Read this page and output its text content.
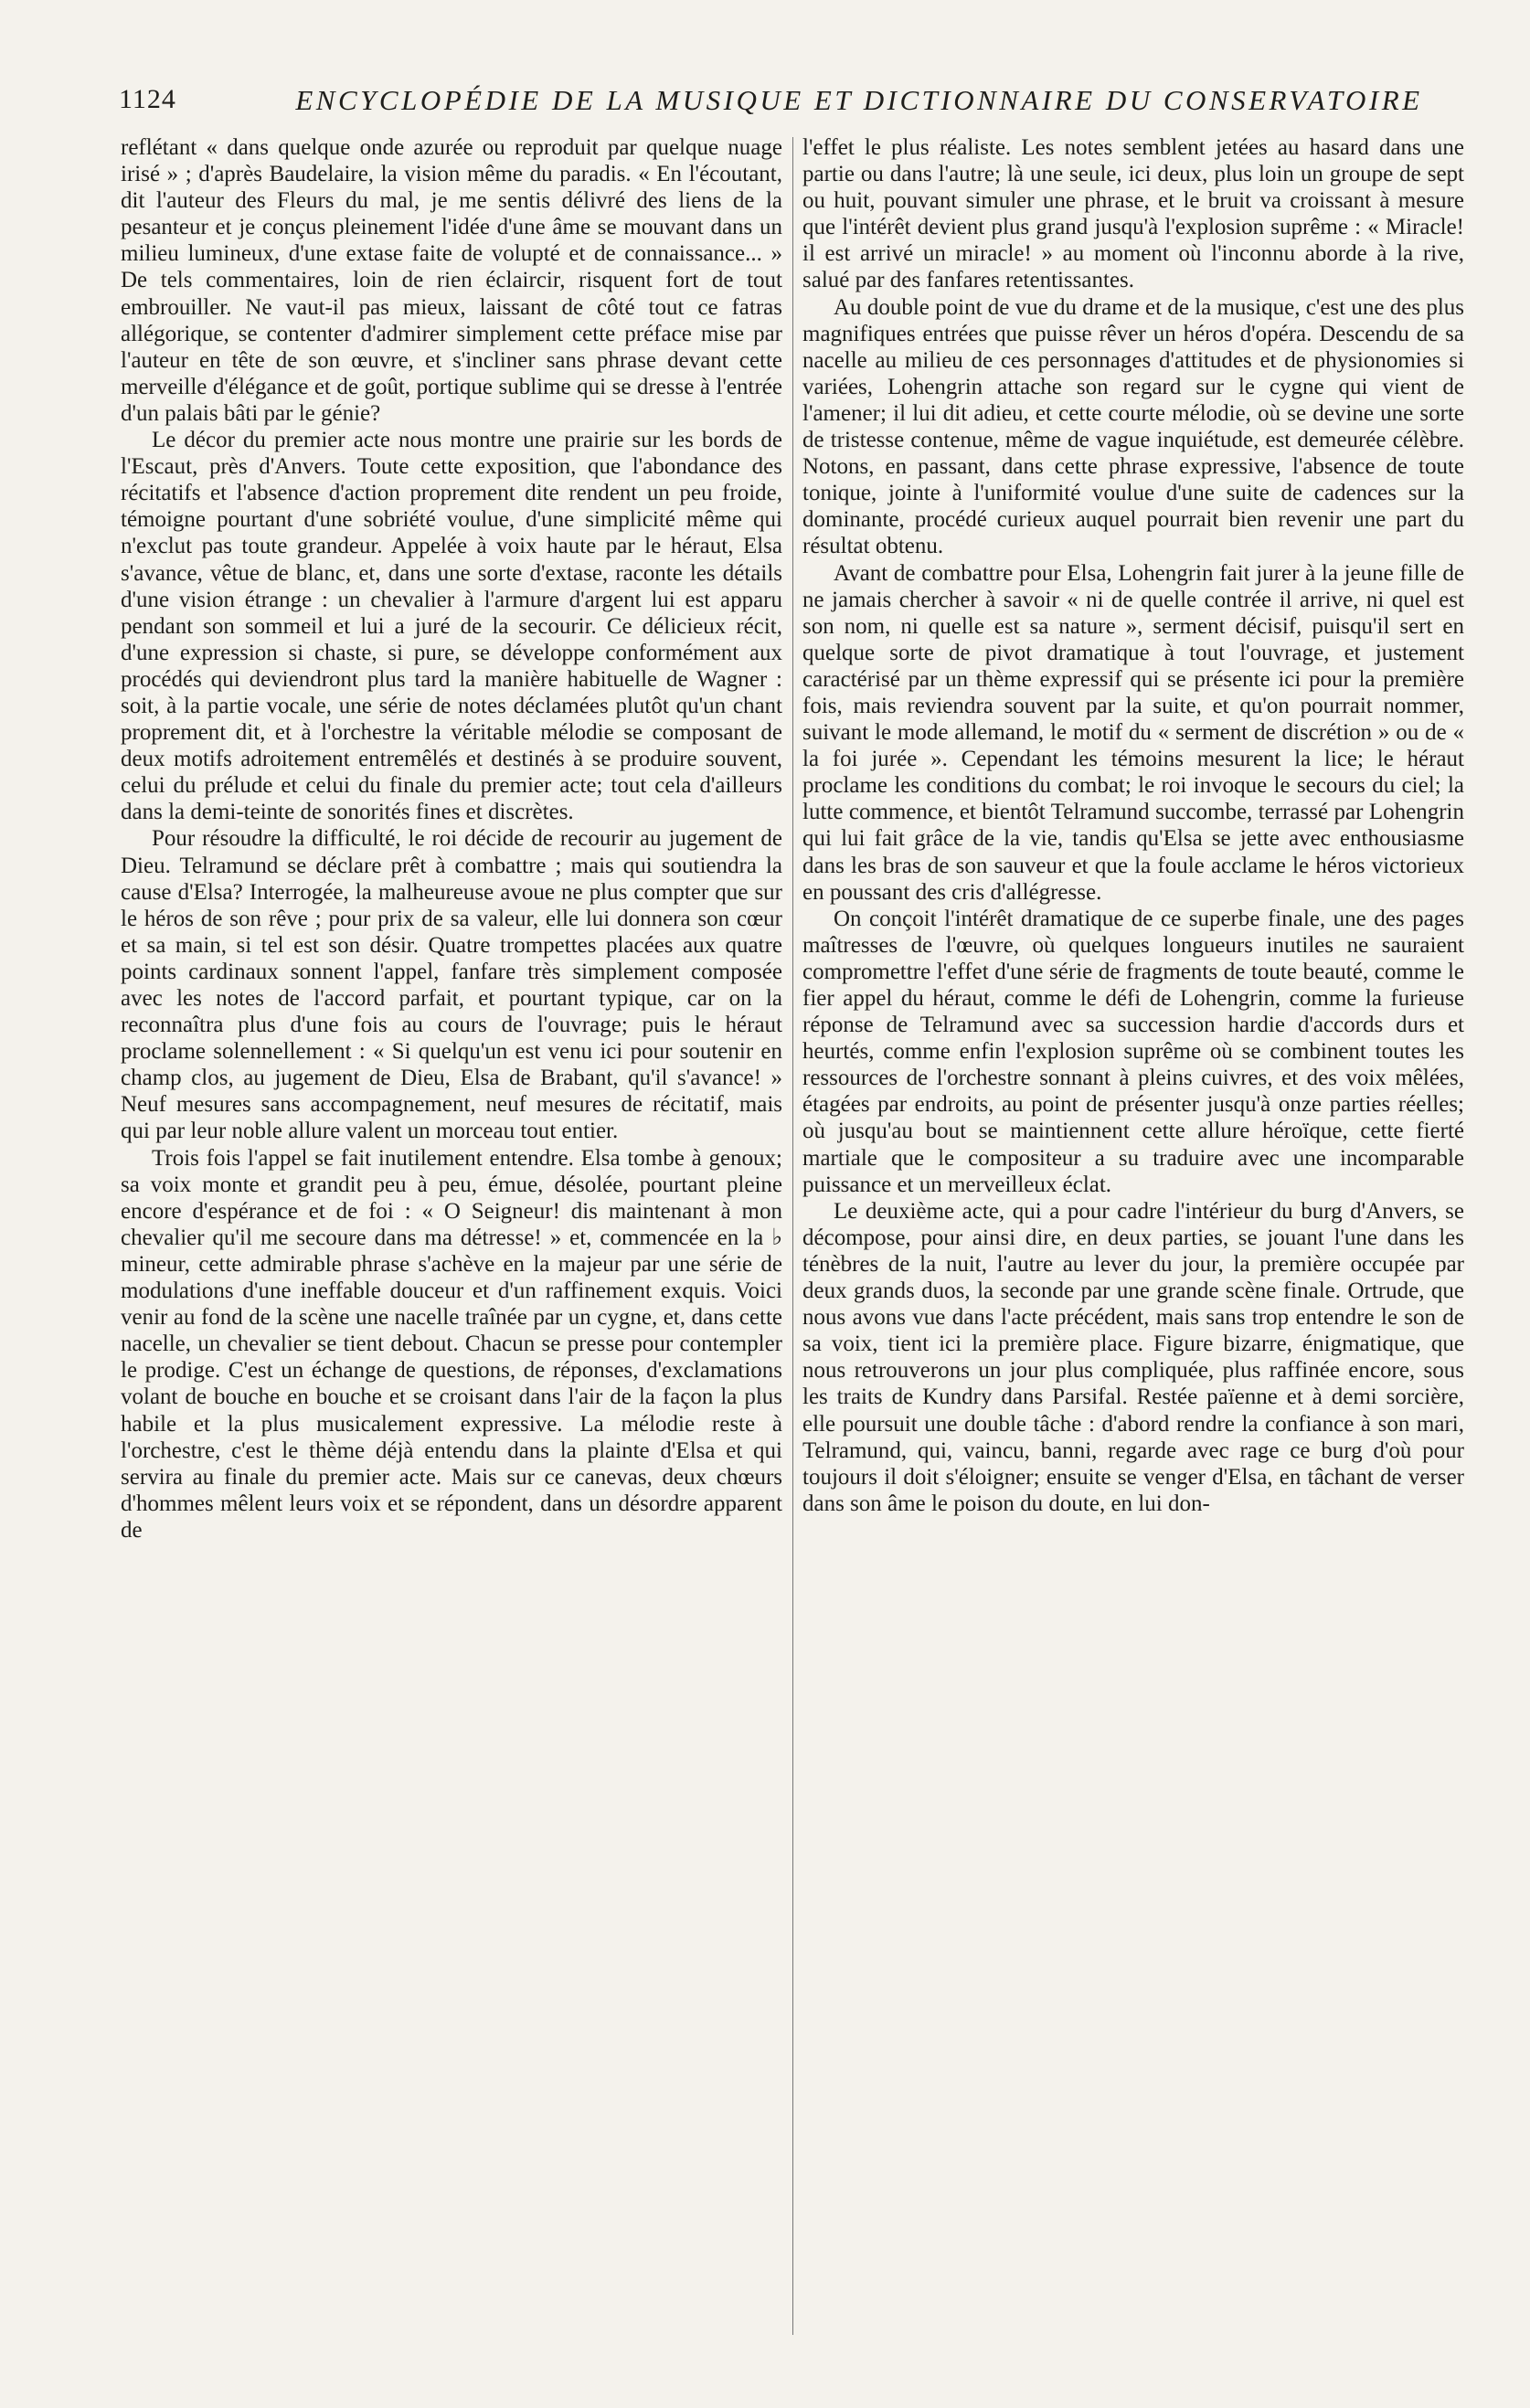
1124	ENCYCLOPÉDIE DE LA MUSIQUE ET DICTIONNAIRE DU CONSERVATOIRE

reflétant « dans quelque onde azurée ou reproduit par quelque nuage irisé » ; d'après Baudelaire, la vision même du paradis. « En l'écoutant, dit l'auteur des Fleurs du mal, je me sentis délivré des liens de la pesanteur et je conçus pleinement l'idée d'une âme se mouvant dans un milieu lumineux, d'une extase faite de volupté et de connaissance... » De tels commentaires, loin de rien éclaircir, risquent fort de tout embrouiller. Ne vaut-il pas mieux, laissant de côté tout ce fatras allégorique, se contenter d'admirer simplement cette préface mise par l'auteur en tête de son œuvre, et s'incliner sans phrase devant cette merveille d'élégance et de goût, portique sublime qui se dresse à l'entrée d'un palais bâti par le génie?

Le décor du premier acte nous montre une prairie sur les bords de l'Escaut, près d'Anvers. Toute cette exposition, que l'abondance des récitatifs et l'absence d'action proprement dite rendent un peu froide, témoigne pourtant d'une sobriété voulue, d'une simplicité même qui n'exclut pas toute grandeur. Appelée à voix haute par le héraut, Elsa s'avance, vêtue de blanc, et, dans une sorte d'extase, raconte les détails d'une vision étrange : un chevalier à l'armure d'argent lui est apparu pendant son sommeil et lui a juré de la secourir. Ce délicieux récit, d'une expression si chaste, si pure, se développe conformément aux procédés qui deviendront plus tard la manière habituelle de Wagner : soit, à la partie vocale, une série de notes déclamées plutôt qu'un chant proprement dit, et à l'orchestre la véritable mélodie se composant de deux motifs adroitement entremêlés et destinés à se produire souvent, celui du prélude et celui du finale du premier acte; tout cela d'ailleurs dans la demi-teinte de sonorités fines et discrètes.

Pour résoudre la difficulté, le roi décide de recourir au jugement de Dieu. Telramund se déclare prêt à combattre ; mais qui soutiendra la cause d'Elsa? Interrogée, la malheureuse avoue ne plus compter que sur le héros de son rêve ; pour prix de sa valeur, elle lui donnera son cœur et sa main, si tel est son désir. Quatre trompettes placées aux quatre points cardinaux sonnent l'appel, fanfare très simplement composée avec les notes de l'accord parfait, et pourtant typique, car on la reconnaîtra plus d'une fois au cours de l'ouvrage; puis le héraut proclame solennellement : « Si quelqu'un est venu ici pour soutenir en champ clos, au jugement de Dieu, Elsa de Brabant, qu'il s'avance! » Neuf mesures sans accompagnement, neuf mesures de récitatif, mais qui par leur noble allure valent un morceau tout entier.

Trois fois l'appel se fait inutilement entendre. Elsa tombe à genoux; sa voix monte et grandit peu à peu, émue, désolée, pourtant pleine encore d'espérance et de foi : « O Seigneur! dis maintenant à mon chevalier qu'il me secoure dans ma détresse! » et, commencée en la ♭ mineur, cette admirable phrase s'achève en la majeur par une série de modulations d'une ineffable douceur et d'un raffinement exquis. Voici venir au fond de la scène une nacelle traînée par un cygne, et, dans cette nacelle, un chevalier se tient debout. Chacun se presse pour contempler le prodige. C'est un échange de questions, de réponses, d'exclamations volant de bouche en bouche et se croisant dans l'air de la façon la plus habile et la plus musicalement expressive. La mélodie reste à l'orchestre, c'est le thème déjà entendu dans la plainte d'Elsa et qui servira au finale du premier acte. Mais sur ce canevas, deux chœurs d'hommes mêlent leurs voix et se répondent, dans un désordre apparent de

l'effet le plus réaliste. Les notes semblent jetées au hasard dans une partie ou dans l'autre; là une seule, ici deux, plus loin un groupe de sept ou huit, pouvant simuler une phrase, et le bruit va croissant à mesure que l'intérêt devient plus grand jusqu'à l'explosion suprême : « Miracle! il est arrivé un miracle! » au moment où l'inconnu aborde à la rive, salué par des fanfares retentissantes.

Au double point de vue du drame et de la musique, c'est une des plus magnifiques entrées que puisse rêver un héros d'opéra. Descendu de sa nacelle au milieu de ces personnages d'attitudes et de physionomies si variées, Lohengrin attache son regard sur le cygne qui vient de l'amener; il lui dit adieu, et cette courte mélodie, où se devine une sorte de tristesse contenue, même de vague inquiétude, est demeurée célèbre. Notons, en passant, dans cette phrase expressive, l'absence de toute tonique, jointe à l'uniformité voulue d'une suite de cadences sur la dominante, procédé curieux auquel pourrait bien revenir une part du résultat obtenu.

Avant de combattre pour Elsa, Lohengrin fait jurer à la jeune fille de ne jamais chercher à savoir « ni de quelle contrée il arrive, ni quel est son nom, ni quelle est sa nature », serment décisif, puisqu'il sert en quelque sorte de pivot dramatique à tout l'ouvrage, et justement caractérisé par un thème expressif qui se présente ici pour la première fois, mais reviendra souvent par la suite, et qu'on pourrait nommer, suivant le mode allemand, le motif du « serment de discrétion » ou de « la foi jurée ». Cependant les témoins mesurent la lice; le héraut proclame les conditions du combat; le roi invoque le secours du ciel; la lutte commence, et bientôt Telramund succombe, terrassé par Lohengrin qui lui fait grâce de la vie, tandis qu'Elsa se jette avec enthousiasme dans les bras de son sauveur et que la foule acclame le héros victorieux en poussant des cris d'allégresse.

On conçoit l'intérêt dramatique de ce superbe finale, une des pages maîtresses de l'œuvre, où quelques longueurs inutiles ne sauraient compromettre l'effet d'une série de fragments de toute beauté, comme le fier appel du héraut, comme le défi de Lohengrin, comme la furieuse réponse de Telramund avec sa succession hardie d'accords durs et heurtés, comme enfin l'explosion suprême où se combinent toutes les ressources de l'orchestre sonnant à pleins cuivres, et des voix mêlées, étagées par endroits, au point de présenter jusqu'à onze parties réelles; où jusqu'au bout se maintiennent cette allure héroïque, cette fierté martiale que le compositeur a su traduire avec une incomparable puissance et un merveilleux éclat.

Le deuxième acte, qui a pour cadre l'intérieur du burg d'Anvers, se décompose, pour ainsi dire, en deux parties, se jouant l'une dans les ténèbres de la nuit, l'autre au lever du jour, la première occupée par deux grands duos, la seconde par une grande scène finale. Ortrude, que nous avons vue dans l'acte précédent, mais sans trop entendre le son de sa voix, tient ici la première place. Figure bizarre, énigmatique, que nous retrouverons un jour plus compliquée, plus raffinée encore, sous les traits de Kundry dans Parsifal. Restée païenne et à demi sorcière, elle poursuit une double tâche : d'abord rendre la confiance à son mari, Telramund, qui, vaincu, banni, regarde avec rage ce burg d'où pour toujours il doit s'éloigner; ensuite se venger d'Elsa, en tâchant de verser dans son âme le poison du doute, en lui don-
